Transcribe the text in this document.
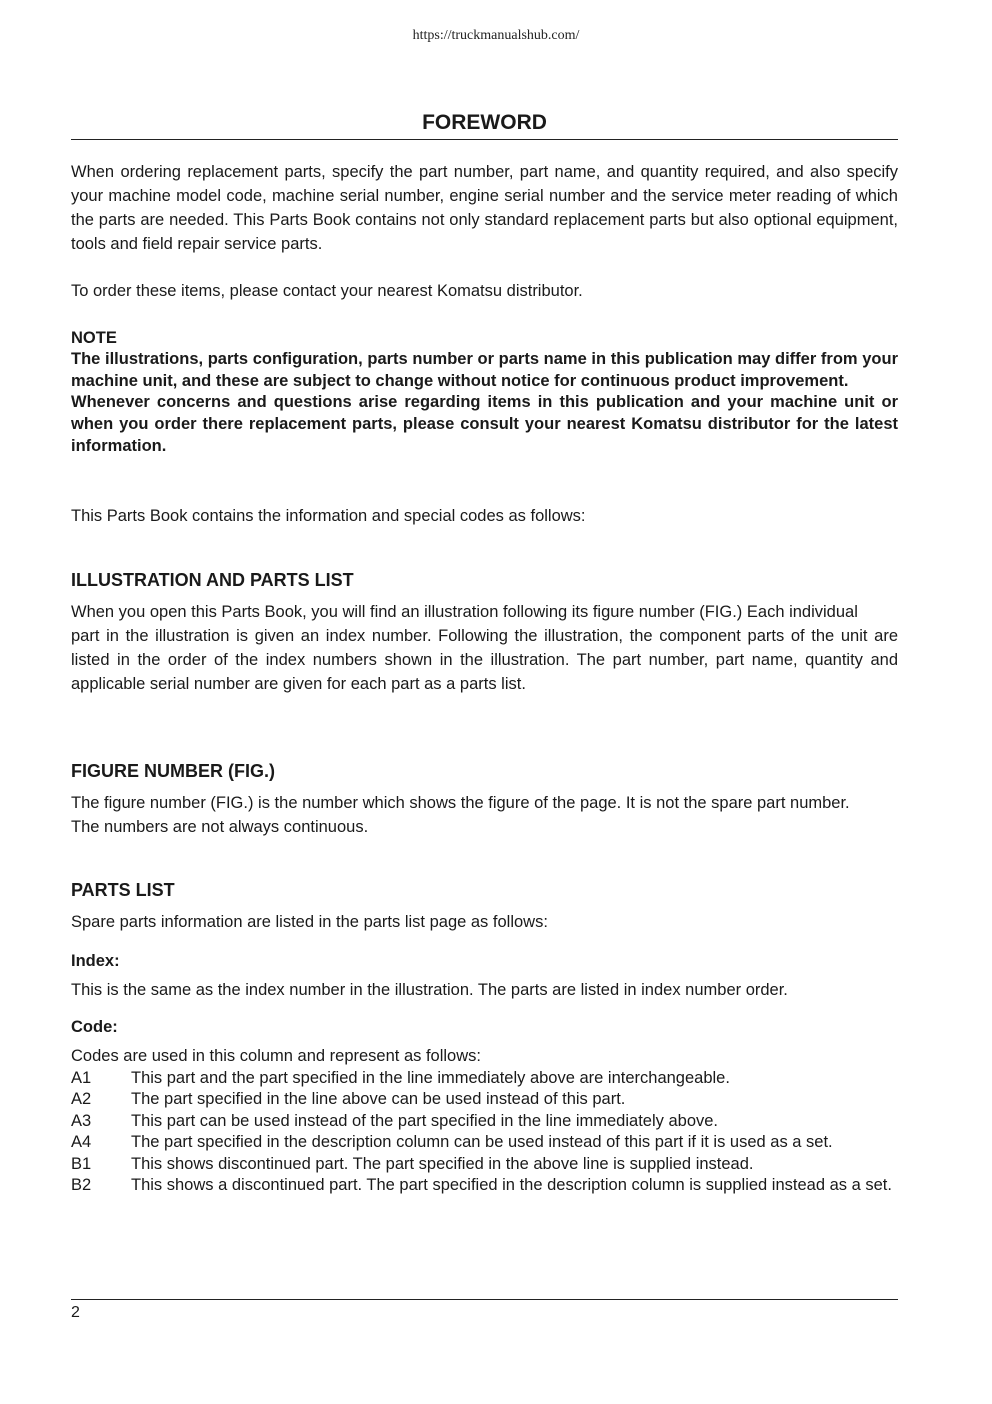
https://truckmanualshub.com/
FOREWORD

When ordering replacement parts, specify the part number, part name, and quantity required, and also specify your machine model code, machine serial number, engine serial number and the service meter reading of which the parts are needed. This Parts Book contains not only standard replacement parts but also optional equipment, tools and field repair service parts.

To order these items, please contact your nearest Komatsu distributor.

NOTE

The illustrations, parts configuration, parts number or parts name in this publication may differ from your machine unit, and these are subject to change without notice for continuous product improvement.

Whenever concerns and questions arise regarding items in this publication and your machine unit or when you order there replacement parts, please consult your nearest Komatsu distributor for the latest information.

This Parts Book contains the information and special codes as follows:

ILLUSTRATION AND PARTS LIST

When you open this Parts Book, you will find an illustration following its figure number (FIG.) Each individual

part in the illustration is given an index number. Following the illustration, the component parts of the unit are listed in the order of the index numbers shown in the illustration. The part number, part name, quantity and applicable serial number are given for each part as a parts list.

FIGURE NUMBER (FIG.)

The figure number (FIG.) is the number which shows the figure of the page. It is not the spare part number.

The numbers are not always continuous.

PARTS LIST

Spare parts information are listed in the parts list page as follows:

Index:

This is the same as the index number in the illustration. The parts are listed in index number order.

Code:
Codes are used in this column and represent as follows:
A1	This part and the part specified in the line immediately above are interchangeable.
A2	The part specified in the line above can be used instead of this part.
A3	This part can be used instead of the part specified in the line immediately above.
A4	The part specified in the description column can be used instead of this part if it is used as a set.
B1	This shows discontinued part. The part specified in the above line is supplied instead.
B2	This shows a discontinued part. The part specified in the description column is supplied instead as a set.
2
